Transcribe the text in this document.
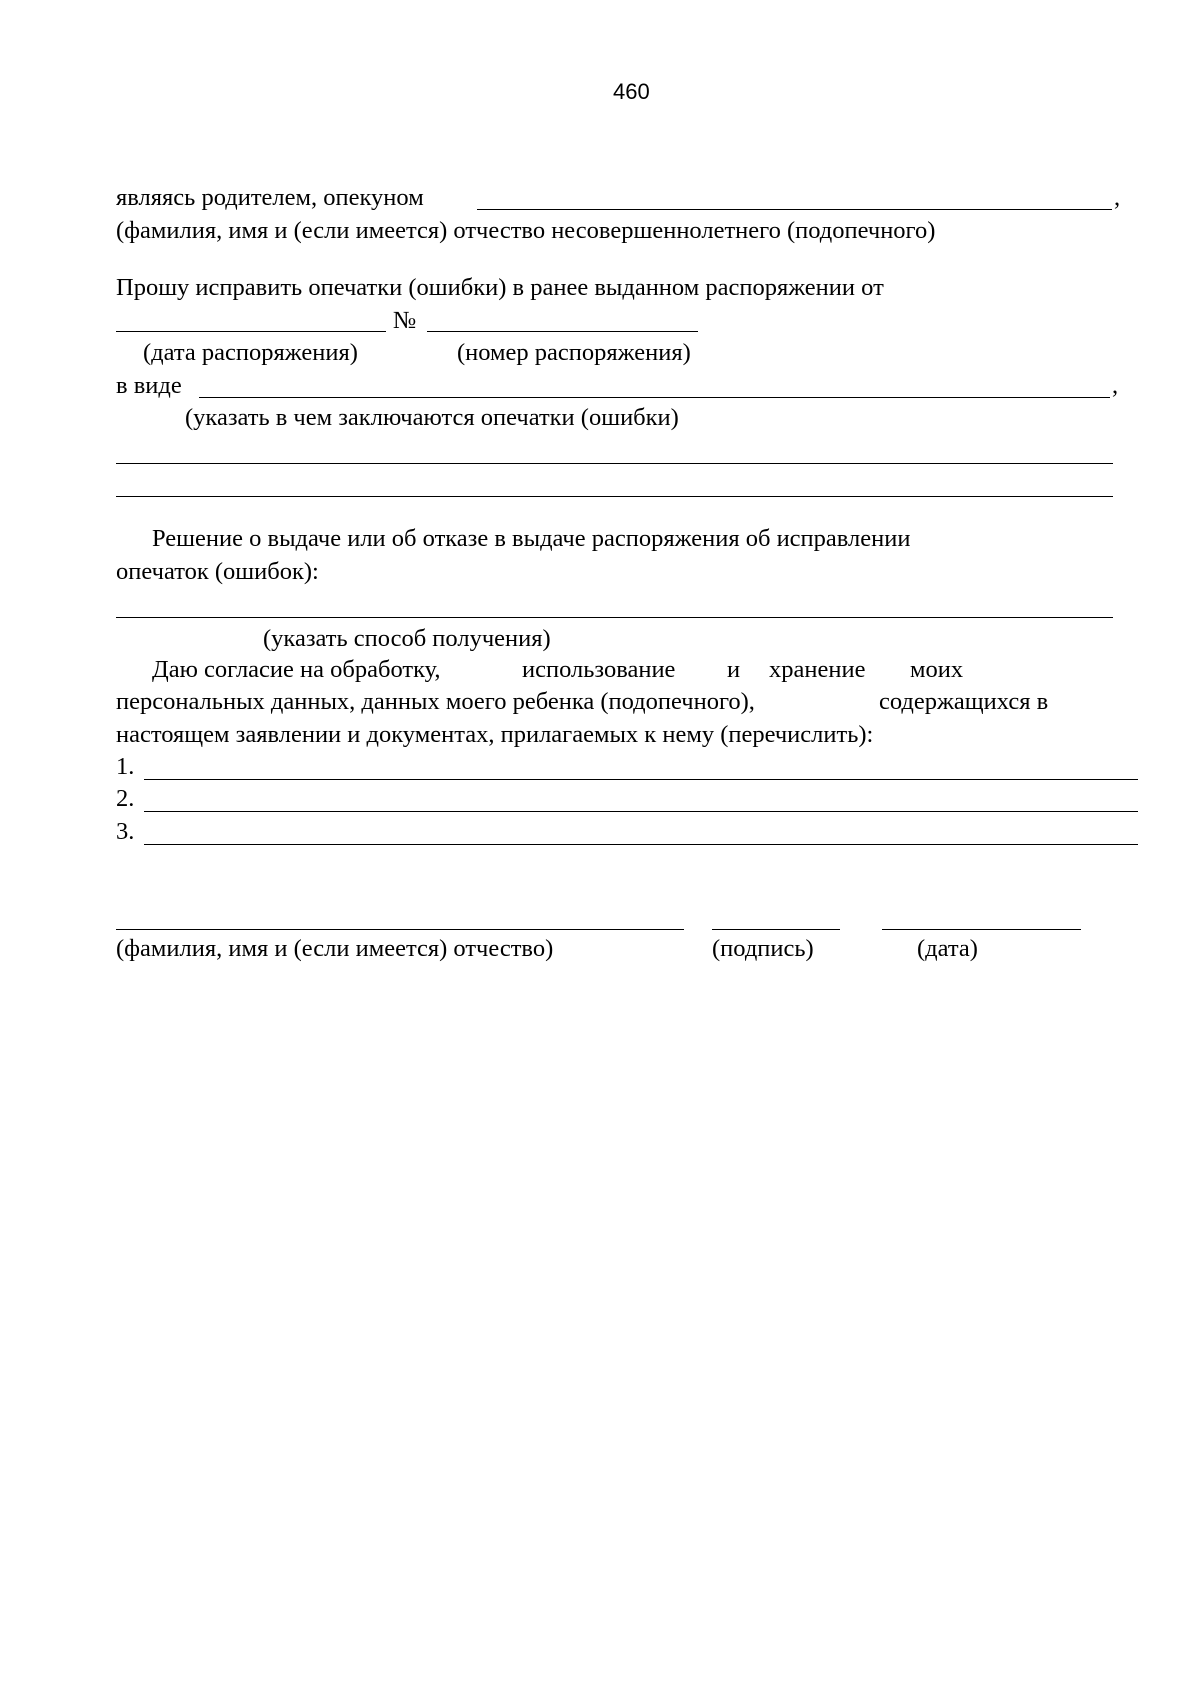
460
являясь родителем, опекуном	,
(фамилия, имя и (если имеется) отчество несовершеннолетнего (подопечного)
Прошу исправить опечатки (ошибки) в ранее выданном распоряжении от
№
(дата распоряжения)	(номер распоряжения)
в виде	,
(указать в чем заключаются опечатки (ошибки)
Решение о выдаче или об отказе в выдаче распоряжения об исправлении
опечаток (ошибок):
(указать способ получения)
Даю согласие на обработку,	использование и хранение моих
персональных данных, данных моего ребенка (подопечного),	содержащихся в
настоящем заявлении и документах, прилагаемых к нему (перечислить):
1.
2.
3.
(фамилия, имя и (если имеется) отчество)	(подпись)	(дата)
